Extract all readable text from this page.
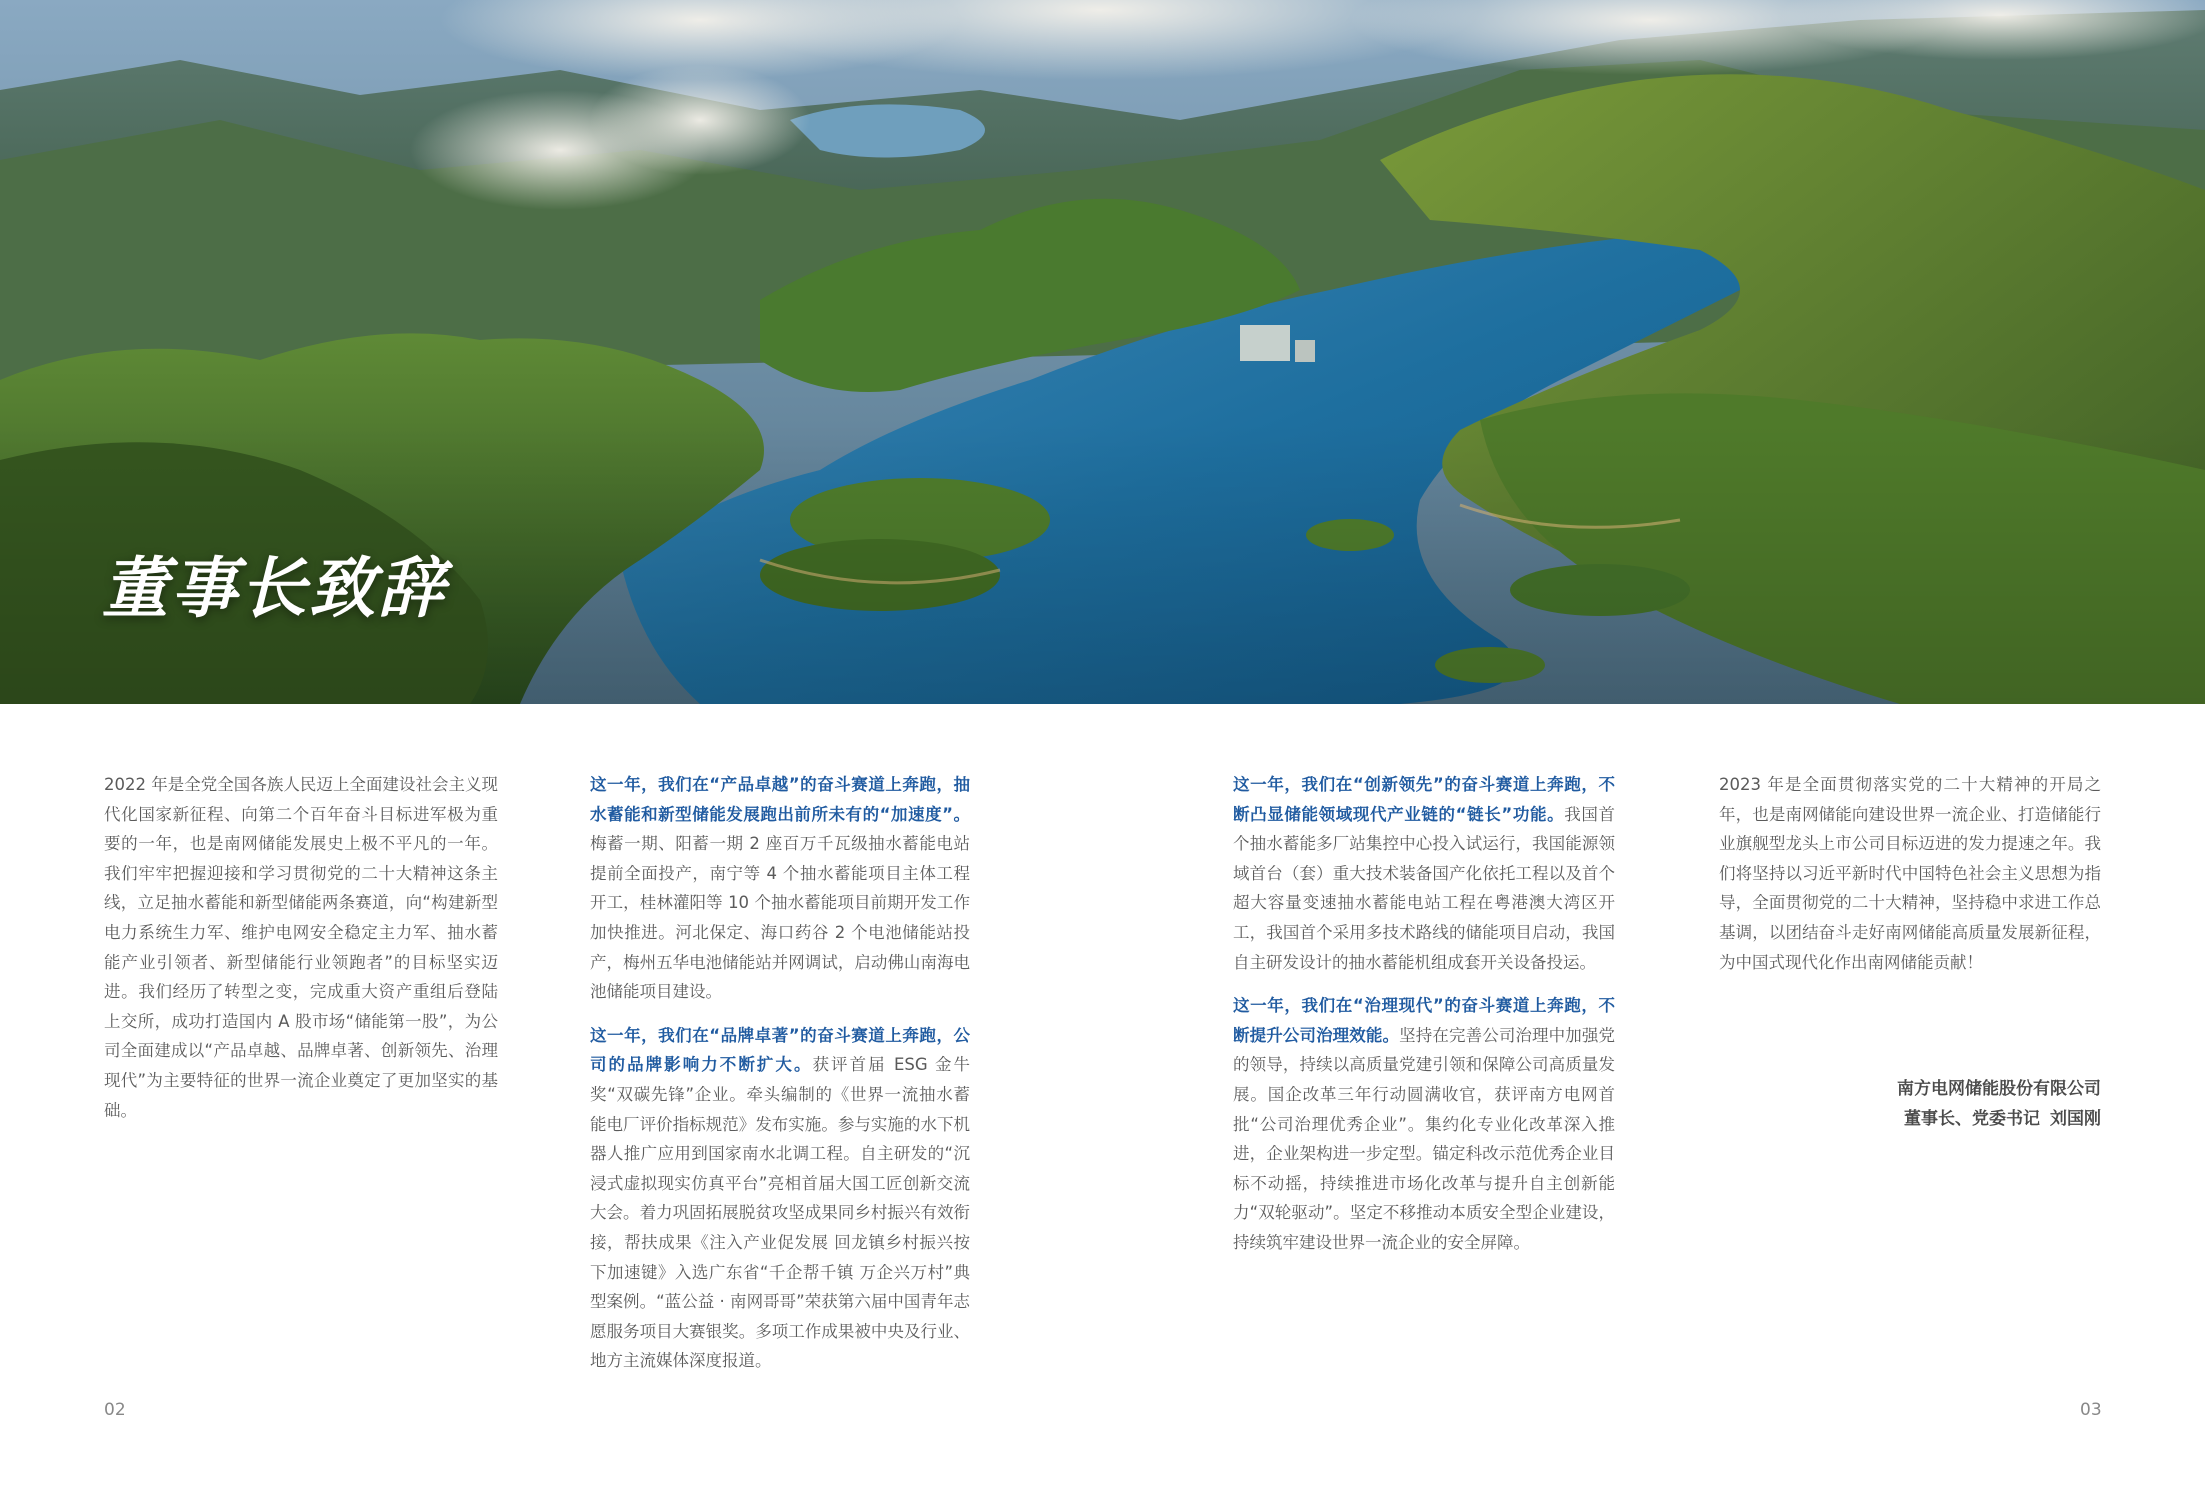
董事长致辞

2022 年是全党全国各族人民迈上全面建设社会主义现代化国家新征程、向第二个百年奋斗目标进军极为重要的一年，也是南网储能发展史上极不平凡的一年。我们牢牢把握迎接和学习贯彻党的二十大精神这条主线，立足抽水蓄能和新型储能两条赛道，向“构建新型电力系统生力军、维护电网安全稳定主力军、抽水蓄能产业引领者、新型储能行业领跑者”的目标坚实迈进。我们经历了转型之变，完成重大资产重组后登陆上交所，成功打造国内 A 股市场“储能第一股”，为公司全面建成以“产品卓越、品牌卓著、创新领先、治理现代”为主要特征的世界一流企业奠定了更加坚实的基础。

这一年，我们在“产品卓越”的奋斗赛道上奔跑，抽水蓄能和新型储能发展跑出前所未有的“加速度”。梅蓄一期、阳蓄一期 2 座百万千瓦级抽水蓄能电站提前全面投产，南宁等 4 个抽水蓄能项目主体工程开工，桂林灌阳等 10 个抽水蓄能项目前期开发工作加快推进。河北保定、海口药谷 2 个电池储能站投产，梅州五华电池储能站并网调试，启动佛山南海电池储能项目建设。

这一年，我们在“品牌卓著”的奋斗赛道上奔跑，公司的品牌影响力不断扩大。获评首届 ESG 金牛奖“双碳先锋”企业。牵头编制的《世界一流抽水蓄能电厂评价指标规范》发布实施。参与实施的水下机器人推广应用到国家南水北调工程。自主研发的“沉浸式虚拟现实仿真平台”亮相首届大国工匠创新交流大会。着力巩固拓展脱贫攻坚成果同乡村振兴有效衔接，帮扶成果《注入产业促发展 回龙镇乡村振兴按下加速键》入选广东省“千企帮千镇 万企兴万村”典型案例。“蓝公益 · 南网哥哥”荣获第六届中国青年志愿服务项目大赛银奖。多项工作成果被中央及行业、地方主流媒体深度报道。

这一年，我们在“创新领先”的奋斗赛道上奔跑，不断凸显储能领域现代产业链的“链长”功能。我国首个抽水蓄能多厂站集控中心投入试运行，我国能源领域首台（套）重大技术装备国产化依托工程以及首个超大容量变速抽水蓄能电站工程在粤港澳大湾区开工，我国首个采用多技术路线的储能项目启动，我国自主研发设计的抽水蓄能机组成套开关设备投运。

这一年，我们在“治理现代”的奋斗赛道上奔跑，不断提升公司治理效能。坚持在完善公司治理中加强党的领导，持续以高质量党建引领和保障公司高质量发展。国企改革三年行动圆满收官，获评南方电网首批“公司治理优秀企业”。集约化专业化改革深入推进，企业架构进一步定型。锚定科改示范优秀企业目标不动摇，持续推进市场化改革与提升自主创新能力“双轮驱动”。坚定不移推动本质安全型企业建设，持续筑牢建设世界一流企业的安全屏障。

2023 年是全面贯彻落实党的二十大精神的开局之年，也是南网储能向建设世界一流企业、打造储能行业旗舰型龙头上市公司目标迈进的发力提速之年。我们将坚持以习近平新时代中国特色社会主义思想为指导，全面贯彻党的二十大精神，坚持稳中求进工作总基调，以团结奋斗走好南网储能高质量发展新征程，为中国式现代化作出南网储能贡献！

南方电网储能股份有限公司
董事长、党委书记 刘国刚
02	03
